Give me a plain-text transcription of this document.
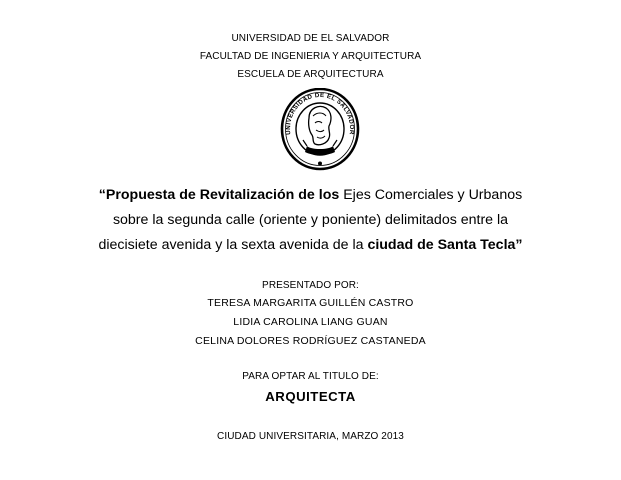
UNIVERSIDAD DE EL SALVADOR
FACULTAD DE INGENIERIA Y ARQUITECTURA
ESCUELA DE ARQUITECTURA
UNIVERSIDAD DE EL SALVADOR
“Propuesta de Revitalización de los Ejes Comerciales y Urbanos
sobre la segunda calle (oriente y poniente) delimitados entre la
diecisiete avenida y la sexta avenida de la ciudad de Santa Tecla”
PRESENTADO POR:
TERESA MARGARITA GUILLÉN CASTRO
LIDIA CAROLINA LIANG GUAN
CELINA DOLORES RODRÍGUEZ CASTANEDA
PARA OPTAR AL TITULO DE:
ARQUITECTA
CIUDAD UNIVERSITARIA, MARZO 2013
